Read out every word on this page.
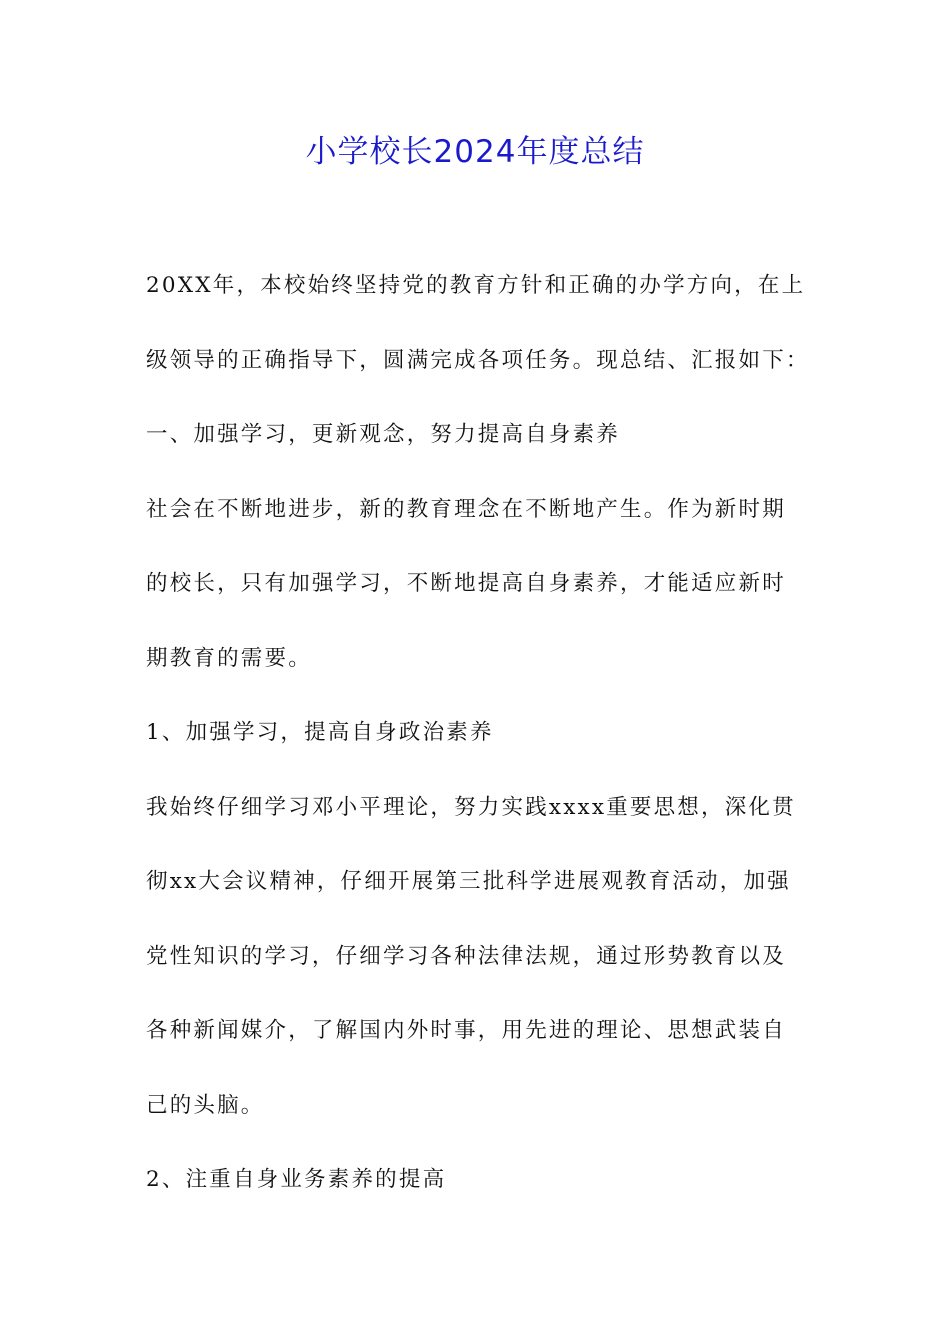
小学校长2024年度总结
20XX年，本校始终坚持党的教育方针和正确的办学方向，在上
级领导的正确指导下，圆满完成各项任务。现总结、汇报如下：
一、加强学习，更新观念，努力提高自身素养
社会在不断地进步，新的教育理念在不断地产生。作为新时期
的校长，只有加强学习，不断地提高自身素养，才能适应新时
期教育的需要。
1、加强学习，提高自身政治素养
我始终仔细学习邓小平理论，努力实践xxxx重要思想，深化贯
彻xx大会议精神，仔细开展第三批科学进展观教育活动，加强
党性知识的学习，仔细学习各种法律法规，通过形势教育以及
各种新闻媒介，了解国内外时事，用先进的理论、思想武装自
己的头脑。
2、注重自身业务素养的提高
